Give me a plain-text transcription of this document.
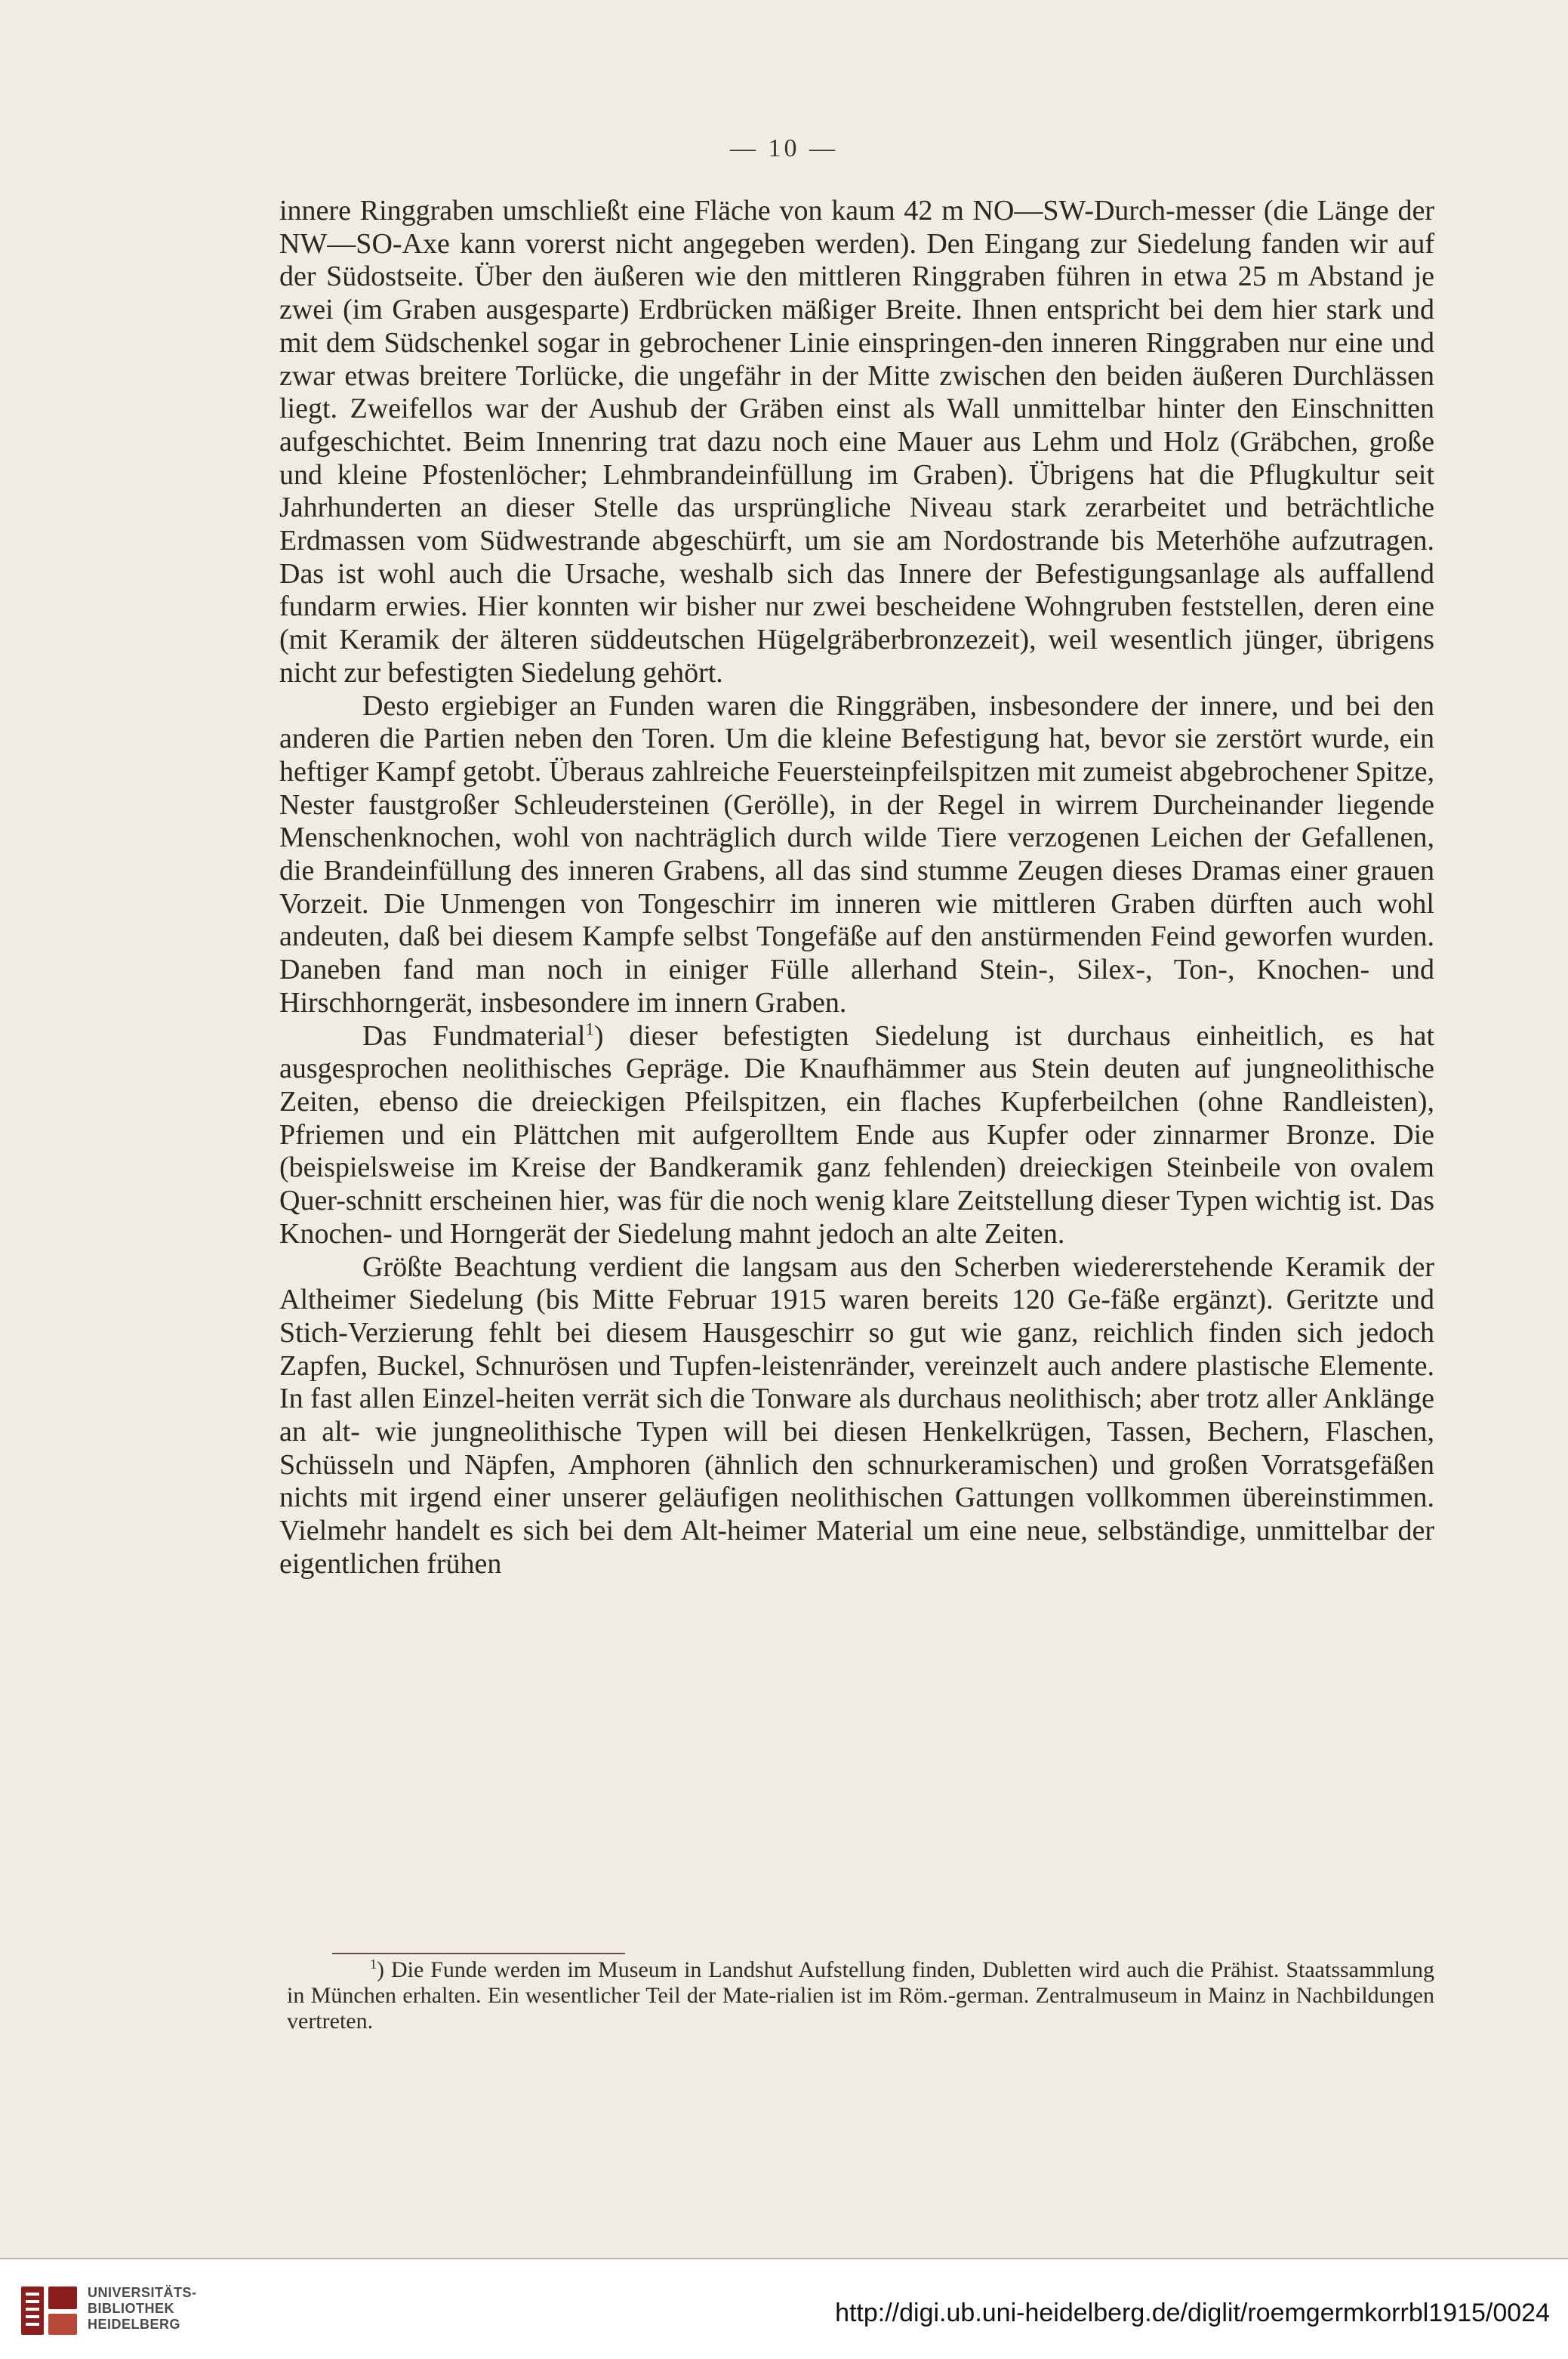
— 10 —

innere Ringgraben umschließt eine Fläche von kaum 42 m NO—SW-Durch-messer (die Länge der NW—SO-Axe kann vorerst nicht angegeben werden). Den Eingang zur Siedelung fanden wir auf der Südostseite. Über den äußeren wie den mittleren Ringgraben führen in etwa 25 m Abstand je zwei (im Graben ausgesparte) Erdbrücken mäßiger Breite. Ihnen entspricht bei dem hier stark und mit dem Südschenkel sogar in gebrochener Linie einspringen-den inneren Ringgraben nur eine und zwar etwas breitere Torlücke, die ungefähr in der Mitte zwischen den beiden äußeren Durchlässen liegt. Zweifellos war der Aushub der Gräben einst als Wall unmittelbar hinter den Einschnitten aufgeschichtet. Beim Innenring trat dazu noch eine Mauer aus Lehm und Holz (Gräbchen, große und kleine Pfostenlöcher; Lehmbrandeinfüllung im Graben). Übrigens hat die Pflugkultur seit Jahrhunderten an dieser Stelle das ursprüngliche Niveau stark zerarbeitet und beträchtliche Erdmassen vom Südwestrande abgeschürft, um sie am Nordostrande bis Meterhöhe aufzutragen. Das ist wohl auch die Ursache, weshalb sich das Innere der Befestigungsanlage als auffallend fundarm erwies. Hier konnten wir bisher nur zwei bescheidene Wohngruben feststellen, deren eine (mit Keramik der älteren süddeutschen Hügelgräberbronzezeit), weil wesentlich jünger, übrigens nicht zur befestigten Siedelung gehört.

Desto ergiebiger an Funden waren die Ringgräben, insbesondere der innere, und bei den anderen die Partien neben den Toren. Um die kleine Befestigung hat, bevor sie zerstört wurde, ein heftiger Kampf getobt. Überaus zahlreiche Feuersteinpfeilspitzen mit zumeist abgebrochener Spitze, Nester faustgroßer Schleudersteinen (Gerölle), in der Regel in wirrem Durcheinander liegende Menschenknochen, wohl von nachträglich durch wilde Tiere verzogenen Leichen der Gefallenen, die Brandeinfüllung des inneren Grabens, all das sind stumme Zeugen dieses Dramas einer grauen Vorzeit. Die Unmengen von Tongeschirr im inneren wie mittleren Graben dürften auch wohl andeuten, daß bei diesem Kampfe selbst Tongefäße auf den anstürmenden Feind geworfen wurden. Daneben fand man noch in einiger Fülle allerhand Stein-, Silex-, Ton-, Knochen- und Hirschhorngerät, insbesondere im innern Graben.

Das Fundmaterial$^1$) dieser befestigten Siedelung ist durchaus einheitlich, es hat ausgesprochen neolithisches Gepräge. Die Knaufhämmer aus Stein deuten auf jungneolithische Zeiten, ebenso die dreieckigen Pfeilspitzen, ein flaches Kupferbeilchen (ohne Randleisten), Pfriemen und ein Plättchen mit aufgerolltem Ende aus Kupfer oder zinnarmer Bronze. Die (beispielsweise im Kreise der Bandkeramik ganz fehlenden) dreieckigen Steinbeile von ovalem Quer-schnitt erscheinen hier, was für die noch wenig klare Zeitstellung dieser Typen wichtig ist. Das Knochen- und Horngerät der Siedelung mahnt jedoch an alte Zeiten.

Größte Beachtung verdient die langsam aus den Scherben wiedererstehende Keramik der Altheimer Siedelung (bis Mitte Februar 1915 waren bereits 120 Ge-fäße ergänzt). Geritzte und Stich-Verzierung fehlt bei diesem Hausgeschirr so gut wie ganz, reichlich finden sich jedoch Zapfen, Buckel, Schnurösen und Tupfen-leistenränder, vereinzelt auch andere plastische Elemente. In fast allen Einzel-heiten verrät sich die Tonware als durchaus neolithisch; aber trotz aller Anklänge an alt- wie jungneolithische Typen will bei diesen Henkelkrügen, Tassen, Bechern, Flaschen, Schüsseln und Näpfen, Amphoren (ähnlich den schnurkeramischen) und großen Vorratsgefäßen nichts mit irgend einer unserer geläufigen neolithischen Gattungen vollkommen übereinstimmen. Vielmehr handelt es sich bei dem Alt-heimer Material um eine neue, selbständige, unmittelbar der eigentlichen frühen

$^1$) Die Funde werden im Museum in Landshut Aufstellung finden, Dubletten wird auch die Prähist. Staatssammlung in München erhalten. Ein wesentlicher Teil der Mate-rialien ist im Röm.-german. Zentralmuseum in Mainz in Nachbildungen vertreten.
UNIVERSITÄTS-
BIBLIOTHEK
HEIDELBERG	http://digi.ub.uni-heidelberg.de/diglit/roemgermkorrbl1915/0024
